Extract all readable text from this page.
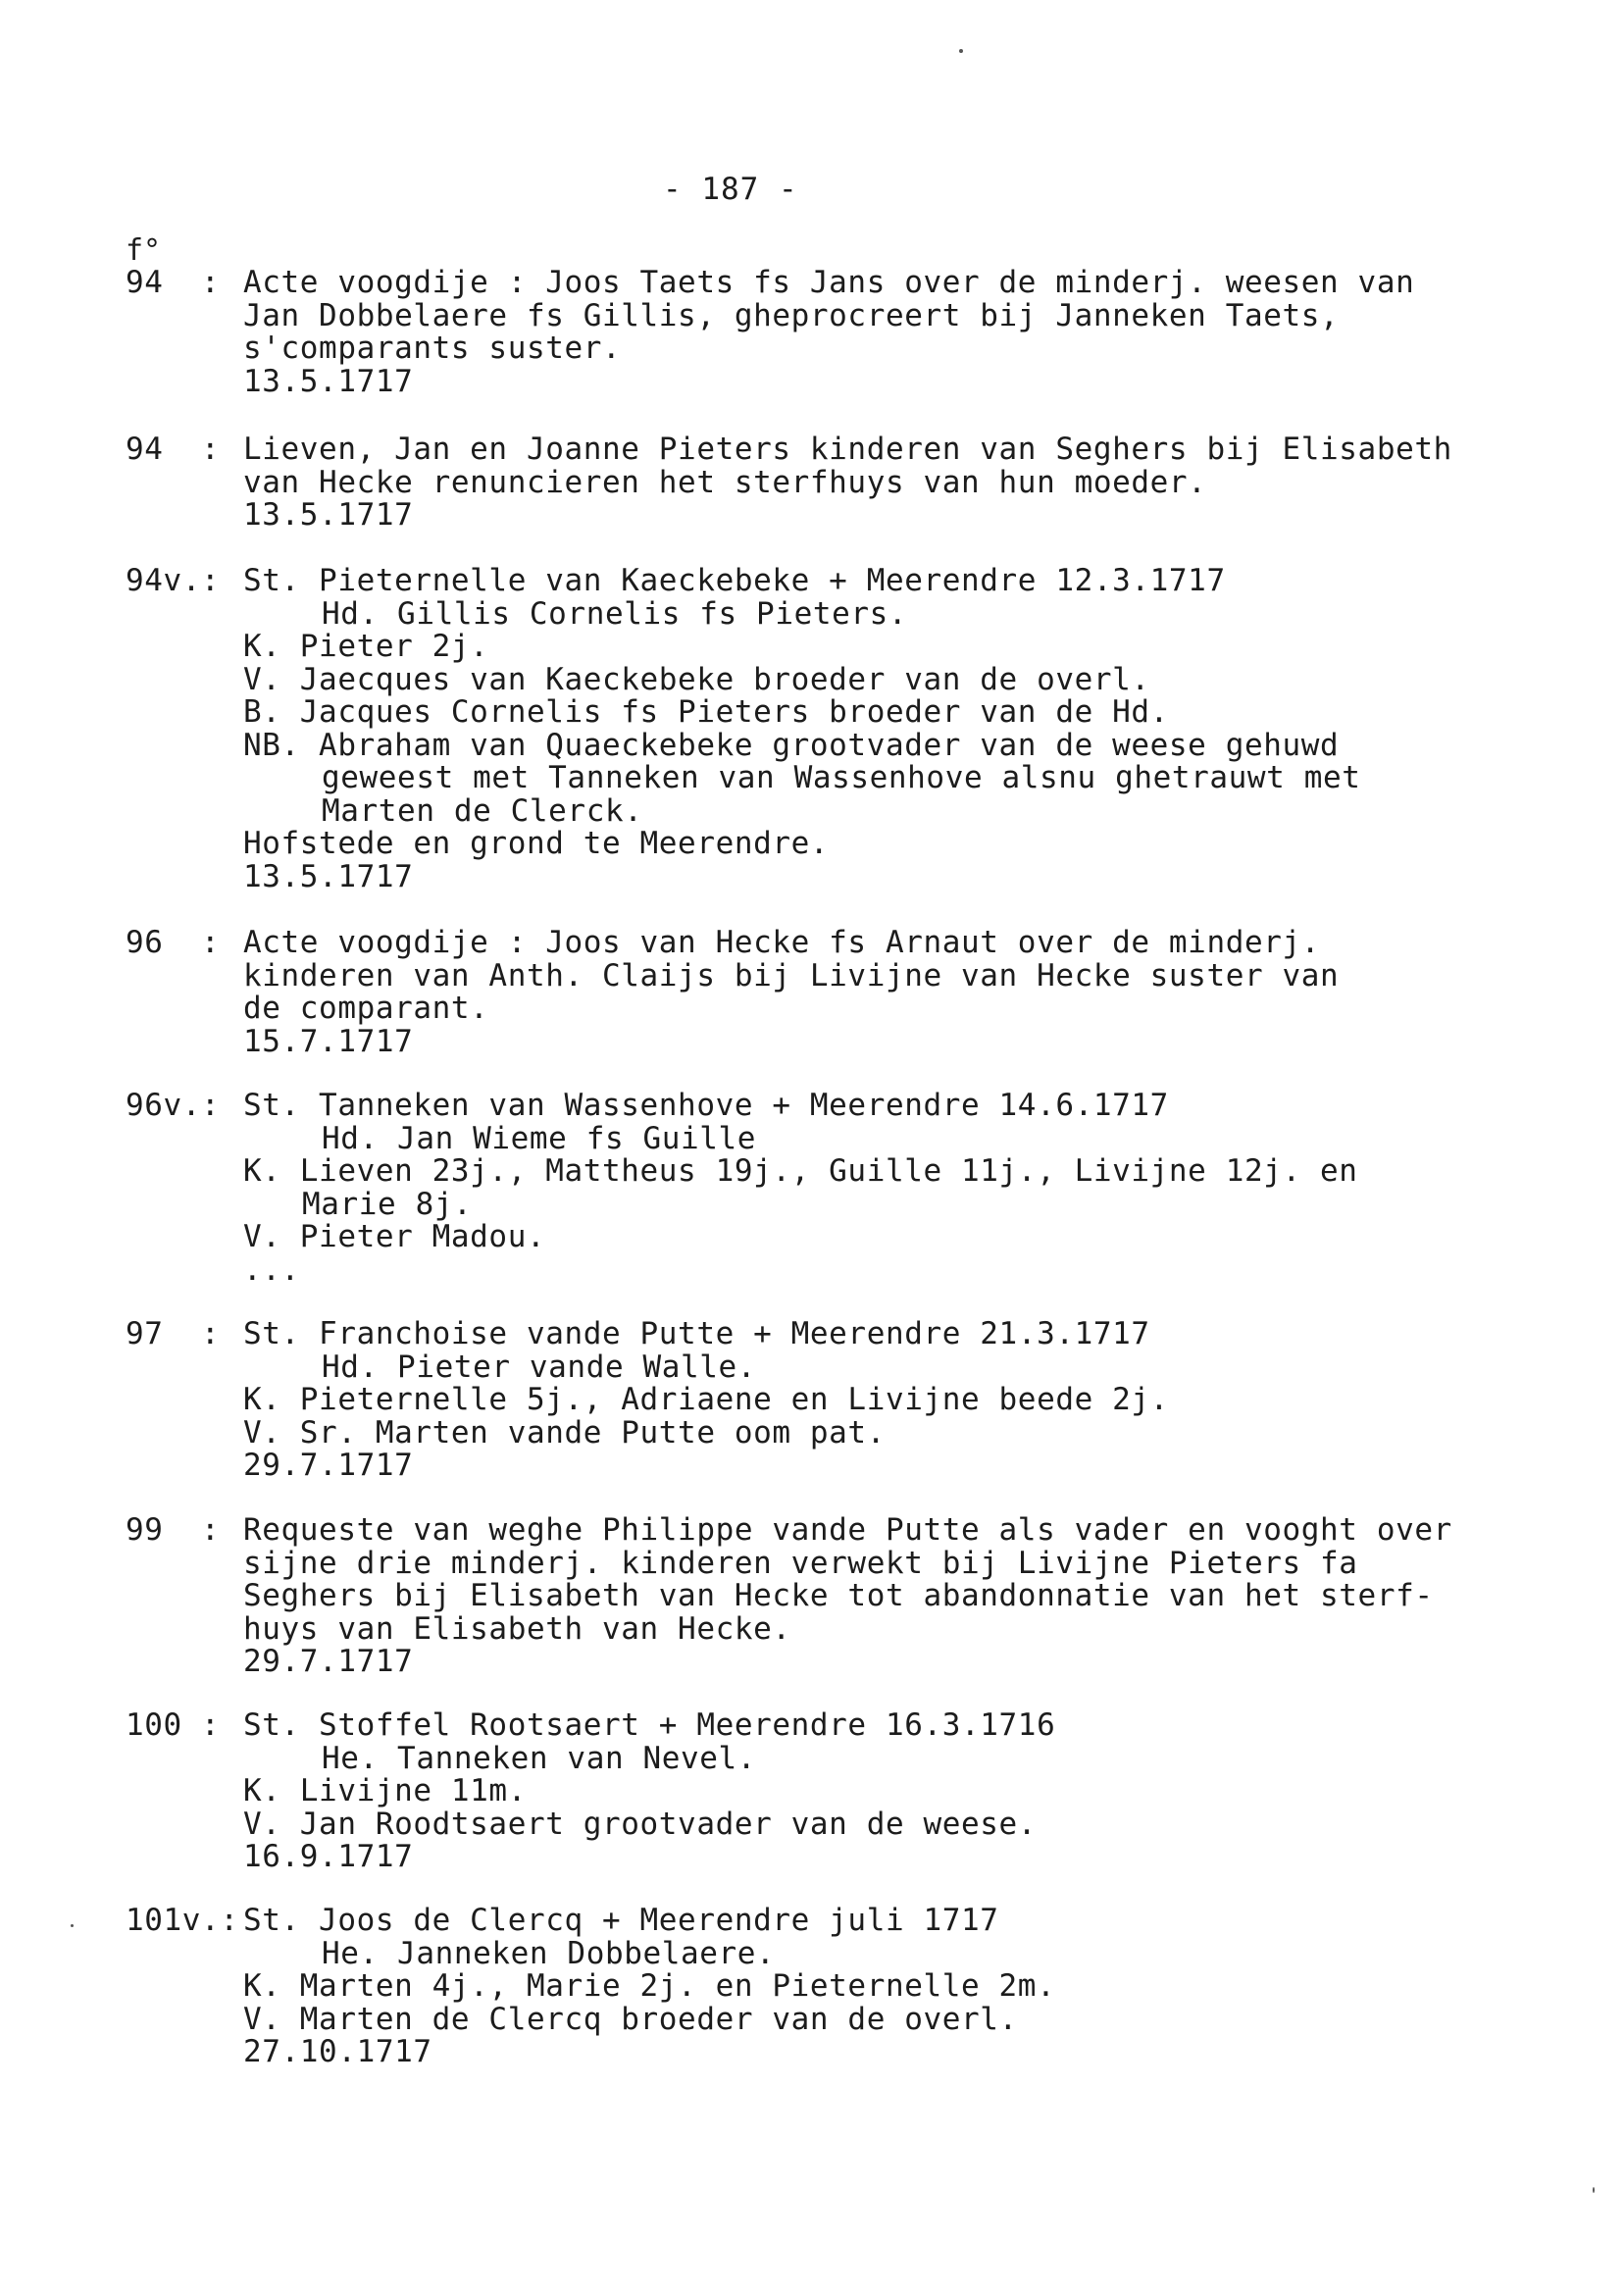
- 187 -
f°
94  : Acte voogdije : Joos Taets fs Jans over de minderj. weesen van
Jan Dobbelaere fs Gillis, gheprocreert bij Janneken Taets,
s'comparants suster.
13.5.1717
94  : Lieven, Jan en Joanne Pieters kinderen van Seghers bij Elisabeth
van Hecke renuncieren het sterfhuys van hun moeder.
13.5.1717
94v.: St. Pieternelle van Kaeckebeke + Meerendre 12.3.1717
Hd. Gillis Cornelis fs Pieters.
K. Pieter 2j.
V. Jaecques van Kaeckebeke broeder van de overl.
B. Jacques Cornelis fs Pieters broeder van de Hd.
NB. Abraham van Quaeckebeke grootvader van de weese gehuwd
geweest met Tanneken van Wassenhove alsnu ghetrauwt met
Marten de Clerck.
Hofstede en grond te Meerendre.
13.5.1717
96  : Acte voogdije : Joos van Hecke fs Arnaut over de minderj.
kinderen van Anth. Claijs bij Livijne van Hecke suster van
de comparant.
15.7.1717
96v.: St. Tanneken van Wassenhove + Meerendre 14.6.1717
Hd. Jan Wieme fs Guille
K. Lieven 23j., Mattheus 19j., Guille 11j., Livijne 12j. en
Marie 8j.
V. Pieter Madou.
...
97  : St. Franchoise vande Putte + Meerendre 21.3.1717
Hd. Pieter vande Walle.
K. Pieternelle 5j., Adriaene en Livijne beede 2j.
V. Sr. Marten vande Putte oom pat.
29.7.1717
99  : Requeste van weghe Philippe vande Putte als vader en vooght over
sijne drie minderj. kinderen verwekt bij Livijne Pieters fa
Seghers bij Elisabeth van Hecke tot abandonnatie van het sterf-
huys van Elisabeth van Hecke.
29.7.1717
100 : St. Stoffel Rootsaert + Meerendre 16.3.1716
He. Tanneken van Nevel.
K. Livijne 11m.
V. Jan Roodtsaert grootvader van de weese.
16.9.1717
101v.: St. Joos de Clercq + Meerendre juli 1717
He. Janneken Dobbelaere.
K. Marten 4j., Marie 2j. en Pieternelle 2m.
V. Marten de Clercq broeder van de overl.
27.10.1717
